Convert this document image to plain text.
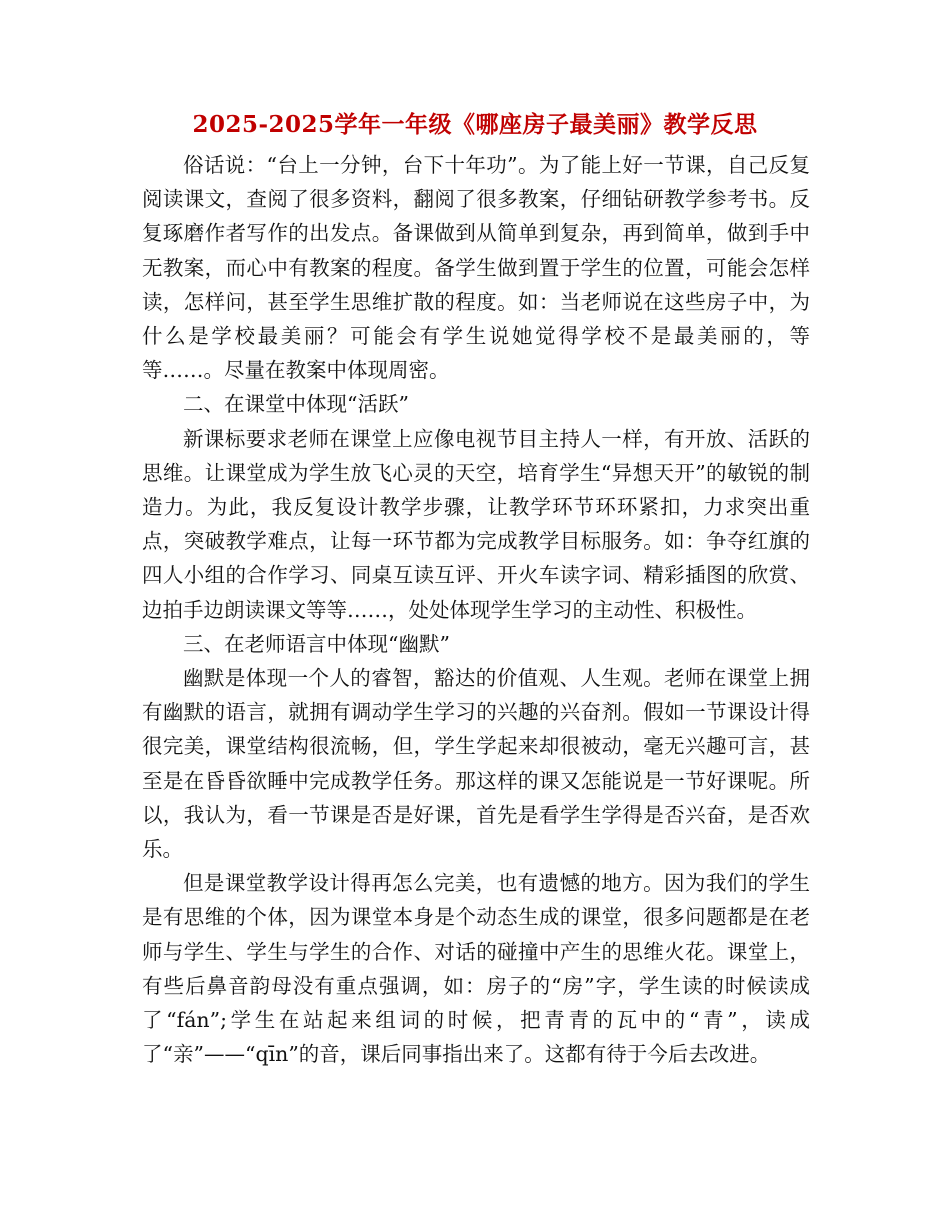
2025-2025学年一年级《哪座房子最美丽》教学反思

俗话说：“台上一分钟，台下十年功”。为了能上好一节课，自己反复阅读课文，查阅了很多资料，翻阅了很多教案，仔细钻研教学参考书。反复琢磨作者写作的出发点。备课做到从简单到复杂，再到简单，做到手中无教案，而心中有教案的程度。备学生做到置于学生的位置，可能会怎样读，怎样问，甚至学生思维扩散的程度。如：当老师说在这些房子中，为什么是学校最美丽？可能会有学生说她觉得学校不是最美丽的，等等……。尽量在教案中体现周密。

二、在课堂中体现“活跃”

新课标要求老师在课堂上应像电视节目主持人一样，有开放、活跃的思维。让课堂成为学生放飞心灵的天空，培育学生“异想天开”的敏锐的制造力。为此，我反复设计教学步骤，让教学环节环环紧扣，力求突出重点，突破教学难点，让每一环节都为完成教学目标服务。如：争夺红旗的四人小组的合作学习、同桌互读互评、开火车读字词、精彩插图的欣赏、边拍手边朗读课文等等……，处处体现学生学习的主动性、积极性。

三、在老师语言中体现“幽默”

幽默是体现一个人的睿智，豁达的价值观、人生观。老师在课堂上拥有幽默的语言，就拥有调动学生学习的兴趣的兴奋剂。假如一节课设计得很完美，课堂结构很流畅，但，学生学起来却很被动，毫无兴趣可言，甚至是在昏昏欲睡中完成教学任务。那这样的课又怎能说是一节好课呢。所以，我认为，看一节课是否是好课，首先是看学生学得是否兴奋，是否欢乐。

但是课堂教学设计得再怎么完美，也有遗憾的地方。因为我们的学生是有思维的个体，因为课堂本身是个动态生成的课堂，很多问题都是在老师与学生、学生与学生的合作、对话的碰撞中产生的思维火花。课堂上，有些后鼻音韵母没有重点强调，如：房子的“房”字，学生读的时候读成了“fán”;学生在站起来组词的时候，把青青的瓦中的“青”，读成了“亲”——“qīn”的音，课后同事指出来了。这都有待于今后去改进。
